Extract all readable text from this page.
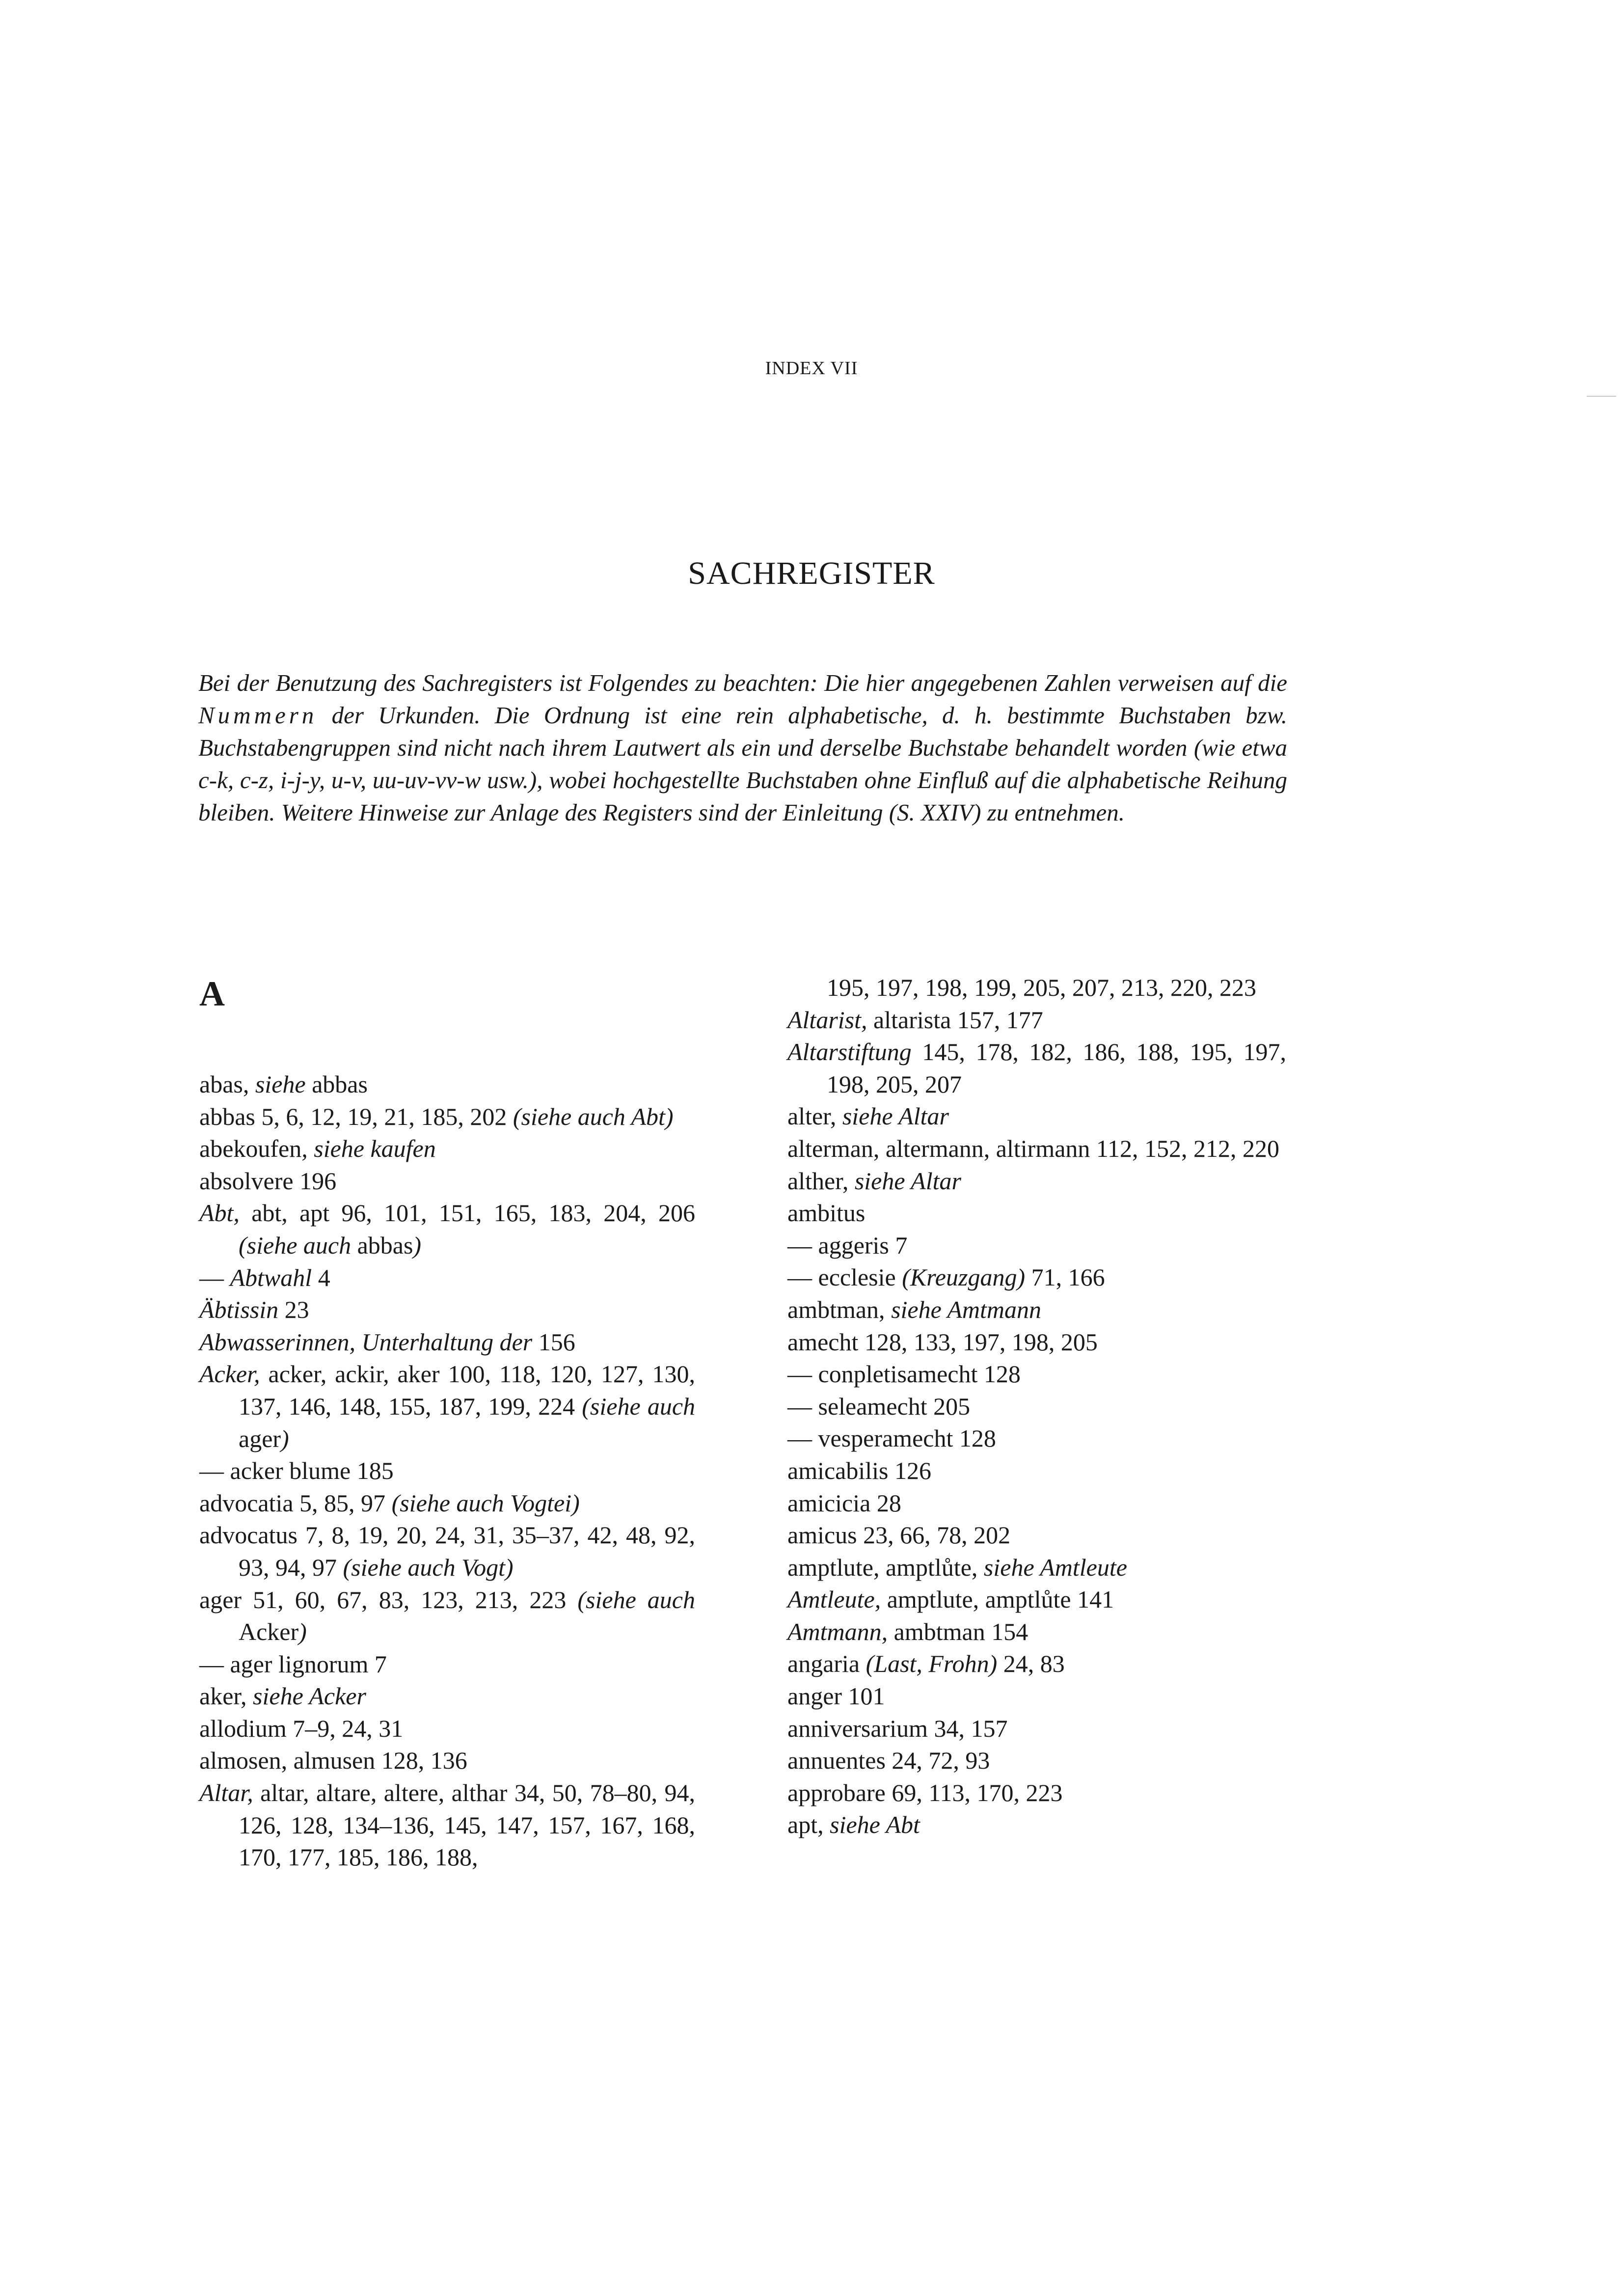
INDEX VII
SACHREGISTER
Bei der Benutzung des Sachregisters ist Folgendes zu beachten: Die hier angegebenen Zahlen verweisen auf die Nummern der Urkunden. Die Ordnung ist eine rein alphabetische, d. h. bestimmte Buchstaben bzw. Buchstabengruppen sind nicht nach ihrem Lautwert als ein und derselbe Buchstabe behandelt worden (wie etwa c-k, c-z, i-j-y, u-v, uu-uv-vv-w usw.), wobei hochgestellte Buchstaben ohne Einfluß auf die alphabetische Reihung bleiben. Weitere Hinweise zur Anlage des Registers sind der Einleitung (S. XXIV) zu entnehmen.
A
abas, siehe abbas
abbas 5, 6, 12, 19, 21, 185, 202 (siehe auch Abt)
abekoufen, siehe kaufen
absolvere 196
Abt, abt, apt 96, 101, 151, 165, 183, 204, 206 (siehe auch abbas)
— Abtwahl 4
Äbtissin 23
Abwasserinnen, Unterhaltung der 156
Acker, acker, ackir, aker 100, 118, 120, 127, 130, 137, 146, 148, 155, 187, 199, 224 (siehe auch ager)
— acker blume 185
advocatia 5, 85, 97 (siehe auch Vogtei)
advocatus 7, 8, 19, 20, 24, 31, 35–37, 42, 48, 92, 93, 94, 97 (siehe auch Vogt)
ager 51, 60, 67, 83, 123, 213, 223 (siehe auch Acker)
— ager lignorum 7
aker, siehe Acker
allodium 7–9, 24, 31
almosen, almusen 128, 136
Altar, altar, altare, altere, althar 34, 50, 78–80, 94, 126, 128, 134–136, 145, 147, 157, 167, 168, 170, 177, 185, 186, 188,
195, 197, 198, 199, 205, 207, 213, 220, 223
Altarist, altarista 157, 177
Altarstiftung 145, 178, 182, 186, 188, 195, 197, 198, 205, 207
alter, siehe Altar
alterman, altermann, altirmann 112, 152, 212, 220
alther, siehe Altar
ambitus
— aggeris 7
— ecclesie (Kreuzgang) 71, 166
ambtman, siehe Amtmann
amecht 128, 133, 197, 198, 205
— conpletisamecht 128
— seleamecht 205
— vesperamecht 128
amicabilis 126
amicicia 28
amicus 23, 66, 78, 202
amptlute, amptlůte, siehe Amtleute
Amtleute, amptlute, amptlůte 141
Amtmann, ambtman 154
angaria (Last, Frohn) 24, 83
anger 101
anniversarium 34, 157
annuentes 24, 72, 93
approbare 69, 113, 170, 223
apt, siehe Abt
